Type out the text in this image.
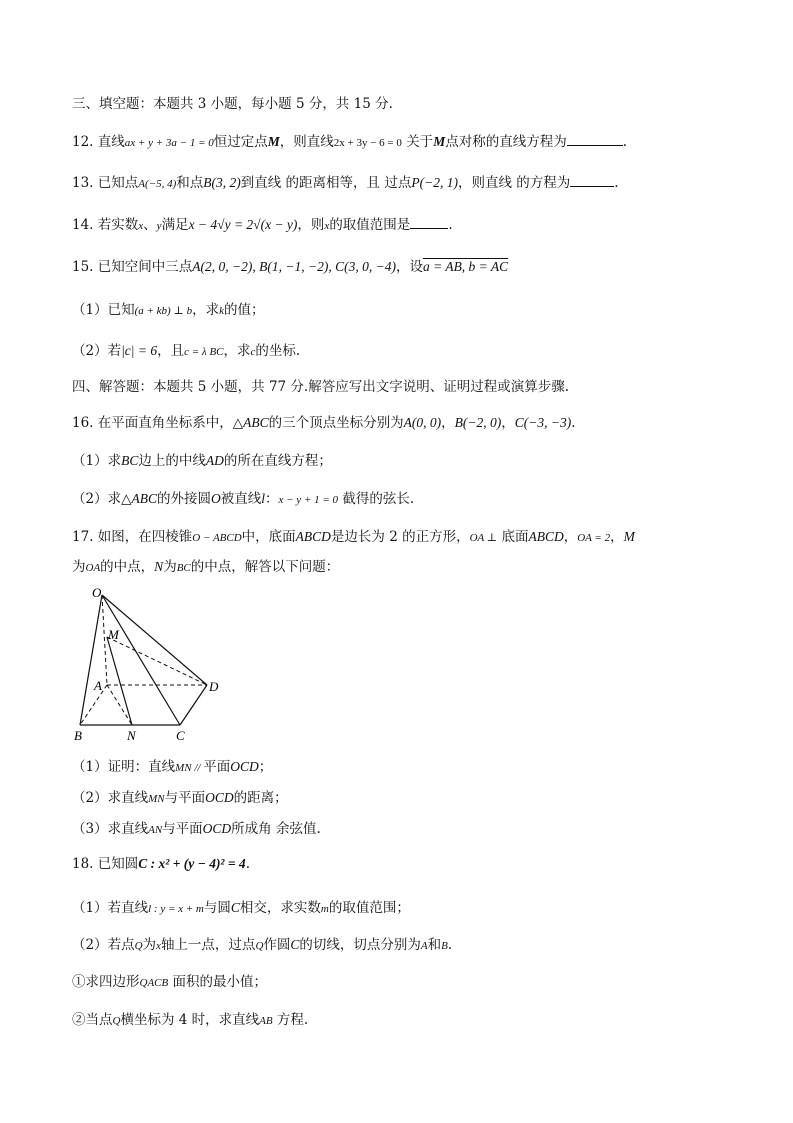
三、填空题：本题共 3 小题，每小题 5 分，共 15 分.
12. 直线ax + y + 3a − 1 = 0恒过定点M，则直线2x + 3y − 6 = 0 关于M点对称的直线方程为	.
13. 已知点A(−5, 4)和点B(3, 2)到直线 的距离相等，且 过点P(−2, 1)，则直线 的方程为	.
14. 若实数x、y满足x − 4√y = 2√(x − y)，则x的取值范围是	.
15. 已知空间中三点A(2, 0, −2), B(1, −1, −2), C(3, 0, −4)，设a = AB, b = AC
（1）已知(a + kb) ⊥ b，求k的值；
（2）若|c| = 6，且c = λ BC，求c的坐标.
四、解答题：本题共 5 小题，共 77 分.解答应写出文字说明、证明过程或演算步骤.
16. 在平面直角坐标系中，△ABC的三个顶点坐标分别为A(0, 0)，B(−2, 0)，C(−3, −3).
（1）求BC边上的中线AD的所在直线方程；
（2）求△ABC的外接圆O被直线l：x − y + 1 = 0 截得的弦长.
17. 如图，在四棱锥O − ABCD中，底面ABCD是边长为 2 的正方形，OA ⊥ 底面ABCD，OA = 2，M
为OA的中点，N为BC的中点，解答以下问题：
O
M
A	D
B	N	C
（1）证明：直线MN // 平面OCD；
（2）求直线MN与平面OCD的距离；
（3）求直线AN与平面OCD所成角 余弦值.
18. 已知圆C : x² + (y − 4)² = 4.
（1）若直线l : y = x + m与圆C相交，求实数m的取值范围；
（2）若点Q为x轴上一点，过点Q作圆C的切线，切点分别为A和B.
①求四边形QACB 面积的最小值；
②当点Q横坐标为 4 时，求直线AB 方程.
